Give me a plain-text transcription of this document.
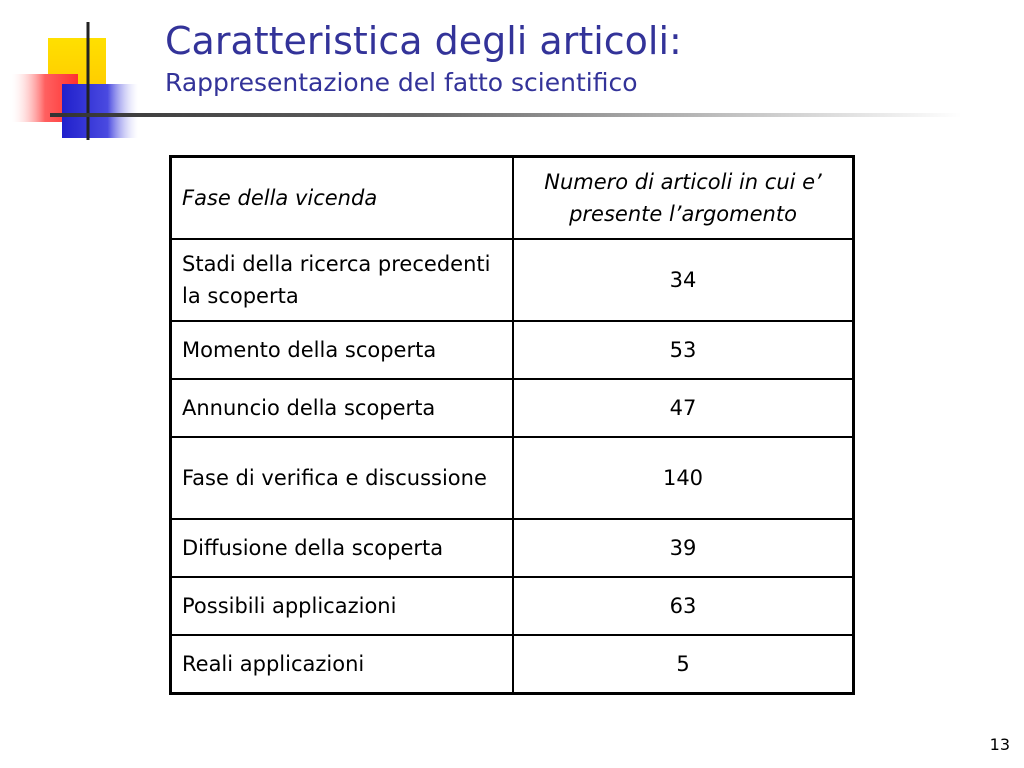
Caratteristica degli articoli:
Rappresentazione del fatto scientifico
Fase della vicenda	Numero di articoli in cui e’ presente l’argomento
Stadi della ricerca precedenti la scoperta	34
Momento della scoperta	53
Annuncio della scoperta	47
Fase di verifica e discussione	140
Diffusione della scoperta	39
Possibili applicazioni	63
Reali applicazioni	5
13
